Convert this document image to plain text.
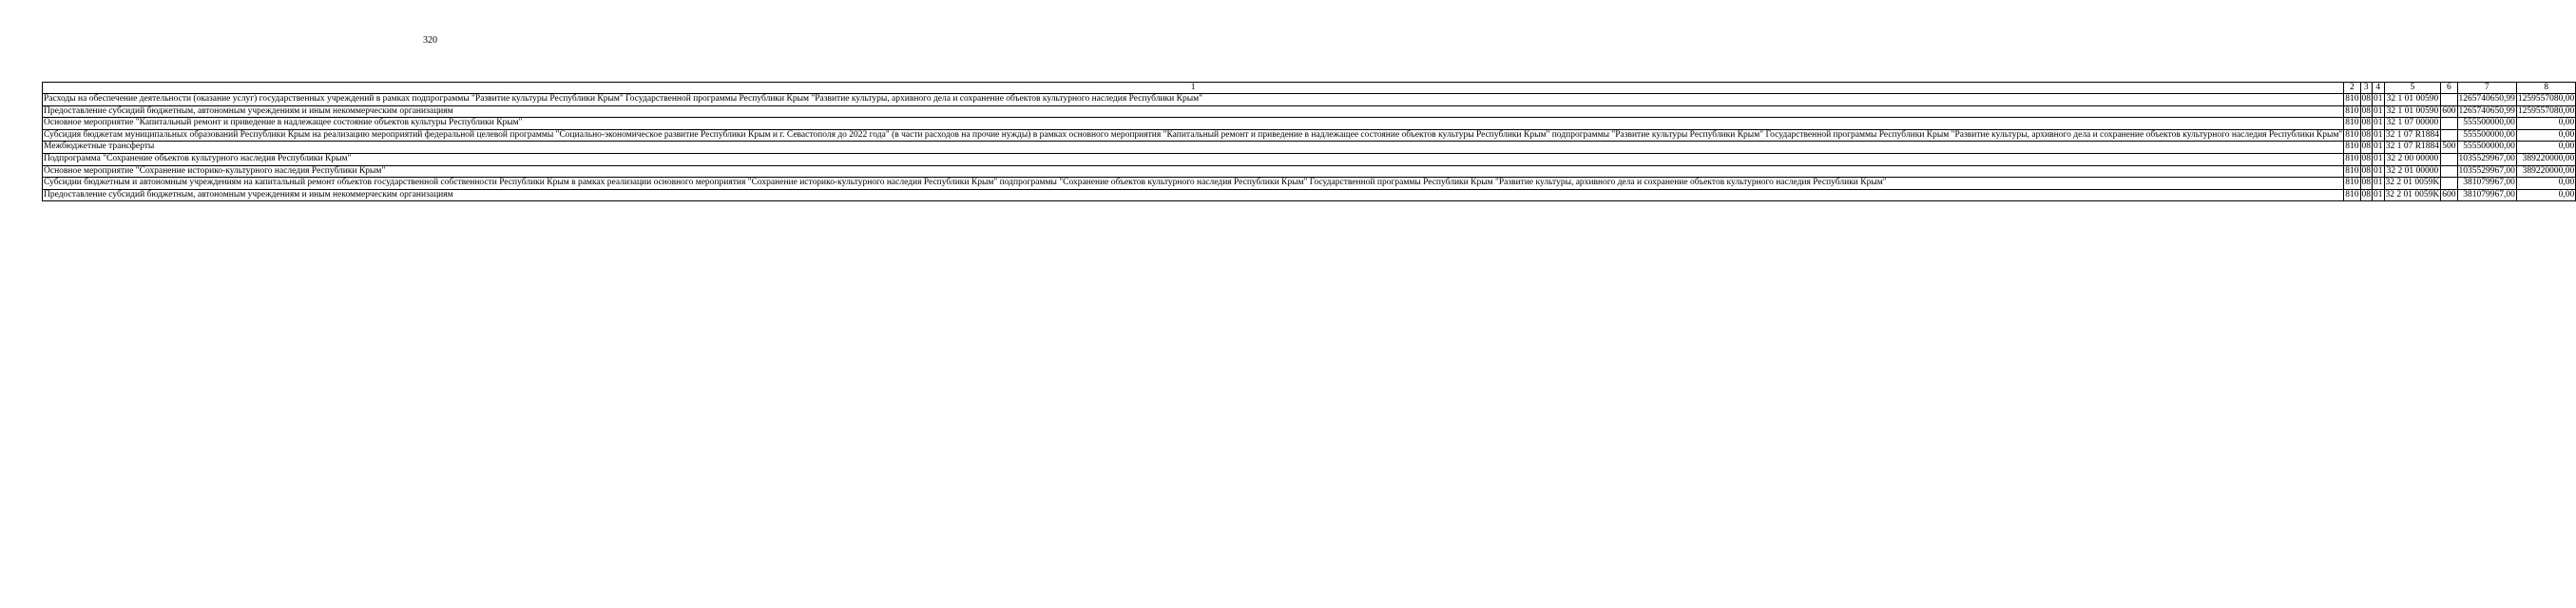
320
1	2	3	4	5	6	7	8
Расходы на обеспечение деятельности (оказание услуг) государственных учреждений в рамках подпрограммы "Развитие культуры Республики Крым" Государственной программы Республики Крым "Развитие культуры, архивного дела и сохранение объектов культурного наследия Республики Крым"	810	08	01	32 1 01 00590		1265740650,99	1259557080,00
Предоставление субсидий бюджетным, автономным учреждениям и иным некоммерческим организациям	810	08	01	32 1 01 00590	600	1265740650,99	1259557080,00
Основное мероприятие "Капитальный ремонт и приведение в надлежащее состояние объектов культуры Республики Крым"	810	08	01	32 1 07 00000		555500000,00	0,00
Субсидия бюджетам муниципальных образований Республики Крым на реализацию мероприятий федеральной целевой программы "Социально-экономическое развитие Республики Крым и г. Севастополя до 2022 года" (в части расходов на прочие нужды) в рамках основного мероприятия "Капитальный ремонт и приведение в надлежащее состояние объектов культуры Республики Крым" подпрограммы "Развитие культуры Республики Крым" Государственной программы Республики Крым "Развитие культуры, архивного дела и сохранение объектов культурного наследия Республики Крым"	810	08	01	32 1 07 R1884		555500000,00	0,00
Межбюджетные трансферты	810	08	01	32 1 07 R1884	500	555500000,00	0,00
Подпрограмма "Сохранение объектов культурного наследия Республики Крым"	810	08	01	32 2 00 00000		1035529967,00	389220000,00
Основное мероприятие "Сохранение историко-культурного наследия Республики Крым"	810	08	01	32 2 01 00000		1035529967,00	389220000,00
Субсидии бюджетным и автономным учреждениям на капитальный ремонт объектов государственной собственности Республики Крым в рамках реализации основного мероприятия "Сохранение историко-культурного наследия Республики Крым" подпрограммы "Сохранение объектов культурного наследия Республики Крым" Государственной программы Республики Крым "Развитие культуры, архивного дела и сохранение объектов культурного наследия Республики Крым"	810	08	01	32 2 01 0059K		381079967,00	0,00
Предоставление субсидий бюджетным, автономным учреждениям и иным некоммерческим организациям	810	08	01	32 2 01 0059K	600	381079967,00	0,00
